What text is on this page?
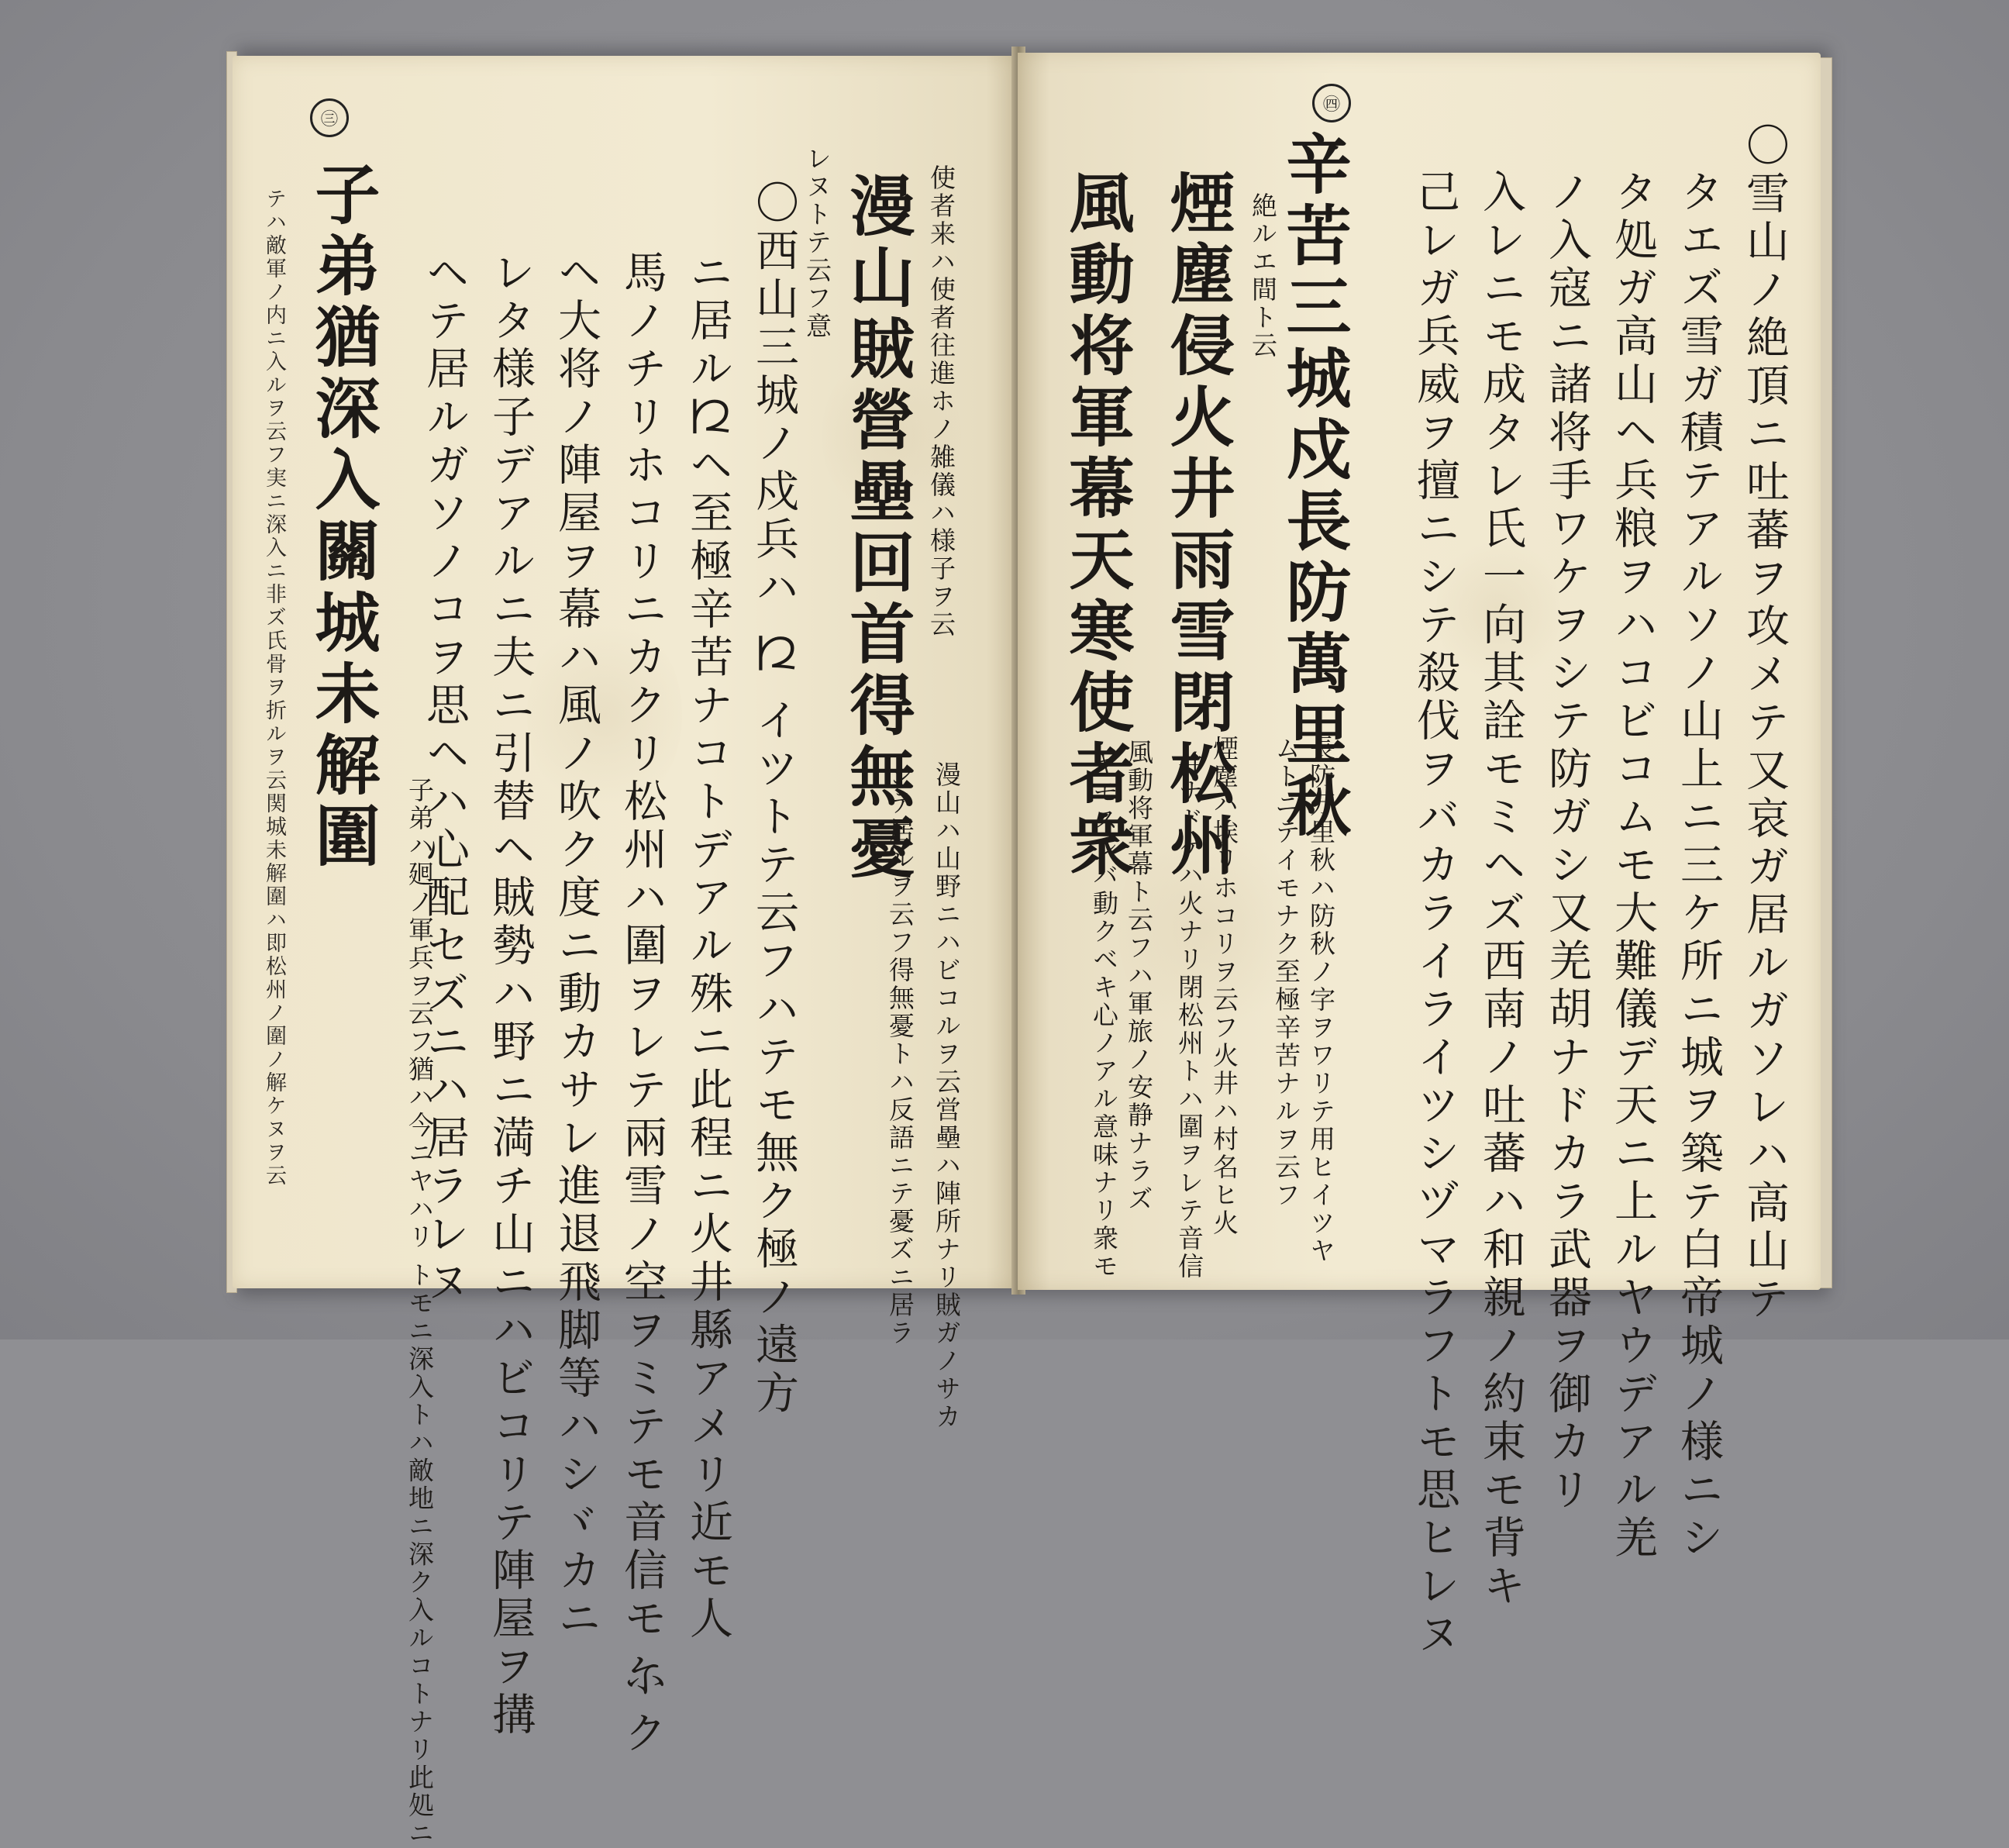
㊂
テハ敵軍ノ内ニ入ルヲ云フ実ニ深入ニ非ズ氏骨ヲ折ルヲ云関城未解圍ハ即松州ノ圍ノ解ケヌヲ云 子弟猶深入關城未解圍
子弟ハ𢌞ノ軍兵ヲ云フ猶ハ今ニヤハリ トモニ深入トハ敵地ニ深ク入ルコトナリ此処ニ
ヘテ居ルガソノコヲ思ヘハ心配セズニハ居ラレヌ レタ様子デアルニ夫ニ引替ヘ賊勢ハ野ニ満チ山ニハビコリテ陣屋ヲ搆 ヘ大将ノ陣屋ヲ幕ハ風ノ吹ク度ニ動カサレ進退飛脚等ハシヾカニ 馬ノチリホコリニカクリ松州ハ圍ヲレテ兩雪ノ空ヲミテモ音信モ𛂋ク ニ居ル𛀁ヘ至極辛苦ナコトデアル殊ニ此程ニ火井縣アメリ近モ人 〇西山三城ノ戍兵ハ 𛀁 イツトテ云フハテモ無ク極ノ遠方 レヌトテ云フ意 漫山賊營壘回首得無憂 使者来ハ使者往進ホノ雑儀ハ様子ヲ云
シテ居ルヲ云フ得無憂トハ反語ニテ憂ズニ居ラ 漫山ハ山野ニハビコルヲ云営壘ハ陣所ナリ賊ガノサカ
㊃
ヤモスレバ動クベキ心ノアル意味ナリ衆モ 風動将軍幕ト云フハ軍旅ノ安静ナラズ
風動将軍幕天寒使者衆
井ナドケハ火ナリ閉松州トハ圍ヲレテ音信 煙塵ハ埃リホコリヲ云フ火井ハ村名ヒ火
煙塵侵火井雨雪閉松州 絶ルエ間ト云
ムトニテイモナク至極辛苦ナルヲ云フ 長防万里秋ハ防秋ノ字ヲワリテ用ヒイツヤ
辛苦三城戍長防萬里秋 己レガ兵威ヲ擅ニシテ殺伐ヲバカライライツシヅマラフトモ思ヒレヌ 入レニモ成タレ氏一向其詮モミヘズ西南ノ吐蕃ハ和親ノ約束モ背キ ノ入寇ニ諸将手ワケヲシテ防ガシ又羌胡ナドカラ武器ヲ御カリ タ処ガ高山ヘ兵粮ヲハコビコムモ大難儀デ天ニ上ルヤウデアル羌 タエズ雪ガ積テアルソノ山上ニ三ケ所ニ城ヲ築テ白帝城ノ様ニシ 〇雪山ノ絶頂ニ吐蕃ヲ攻メテ又哀ガ居ルガソレハ高山テ
